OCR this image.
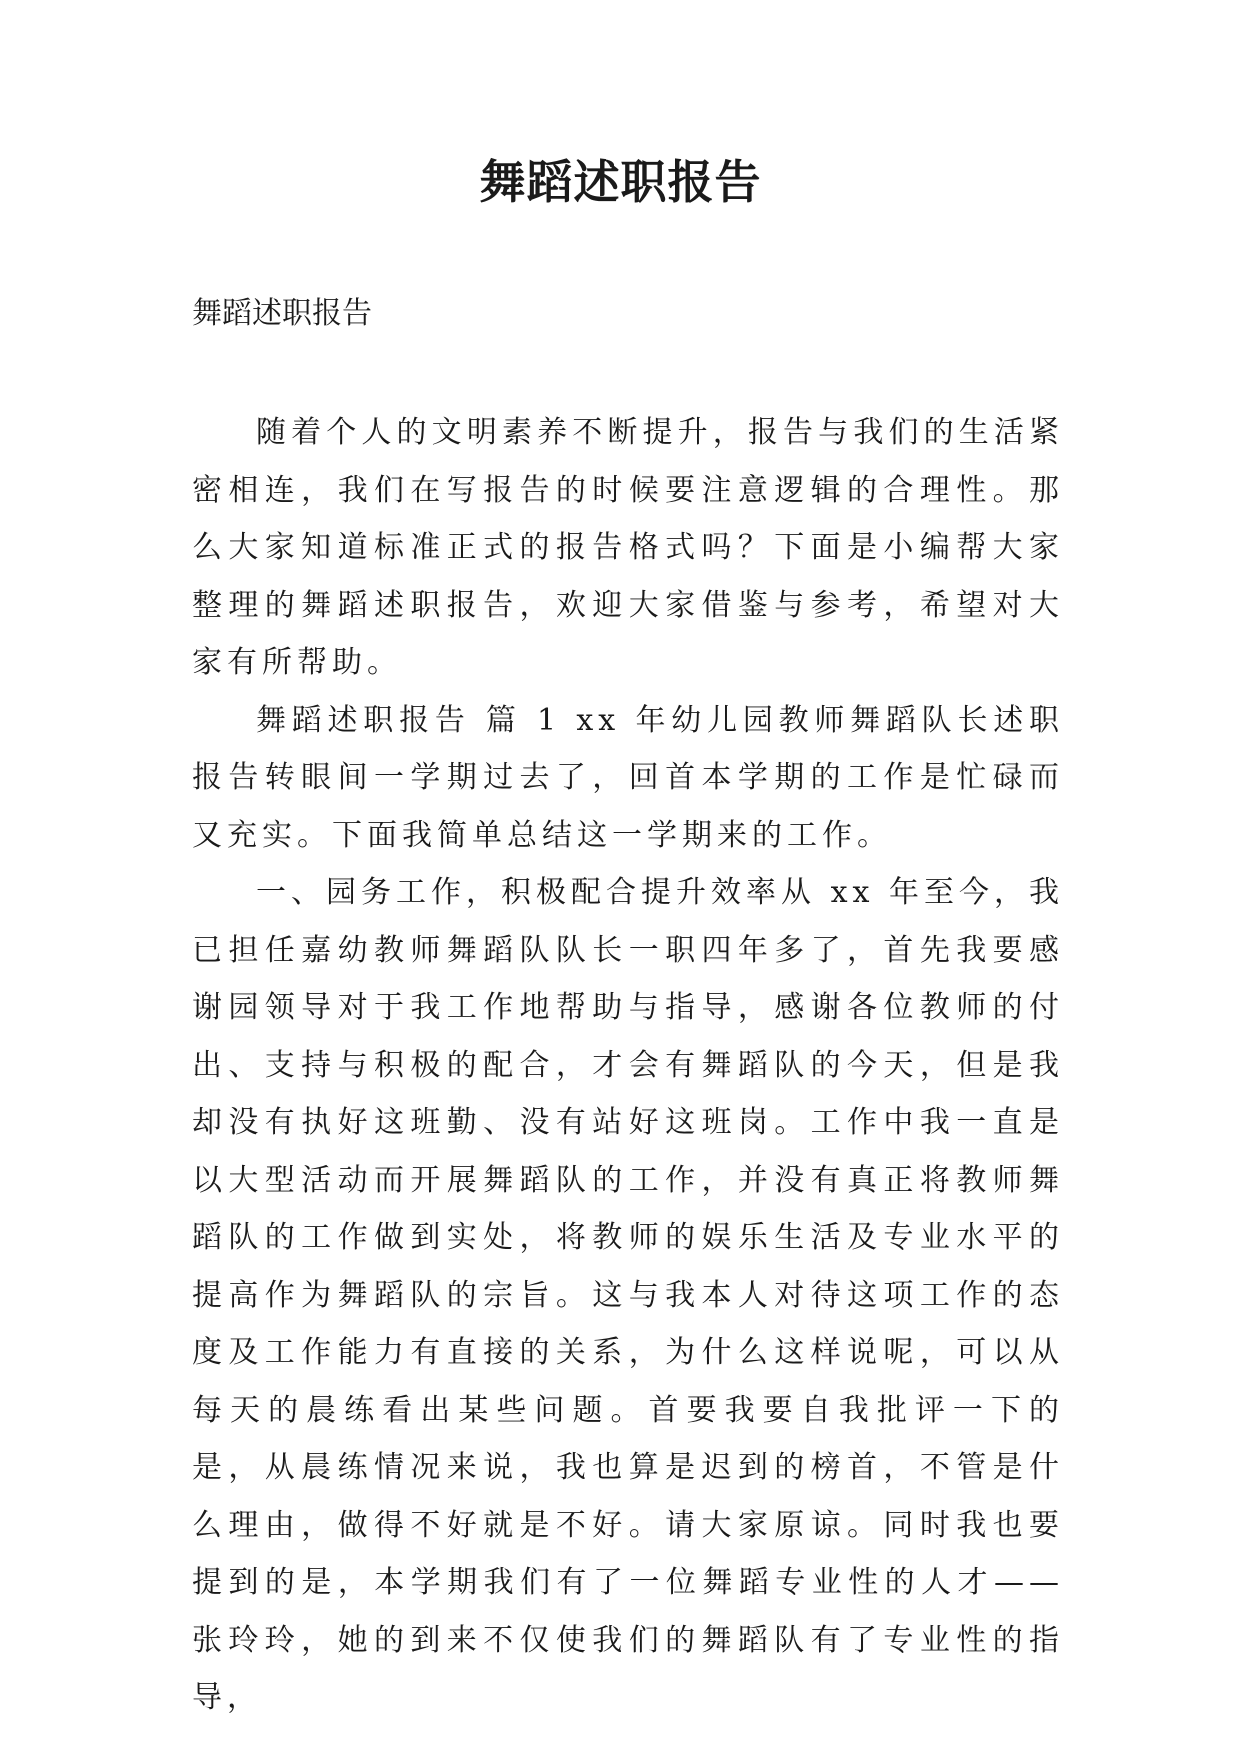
舞蹈述职报告
舞蹈述职报告

随着个人的文明素养不断提升，报告与我们的生活紧密相连，我们在写报告的时候要注意逻辑的合理性。那么大家知道标准正式的报告格式吗？下面是小编帮大家整理的舞蹈述职报告，欢迎大家借鉴与参考，希望对大家有所帮助。

舞蹈述职报告 篇 1 xx 年幼儿园教师舞蹈队长述职报告转眼间一学期过去了，回首本学期的工作是忙碌而又充实。下面我简单总结这一学期来的工作。

一、园务工作，积极配合提升效率从 xx 年至今，我已担任嘉幼教师舞蹈队队长一职四年多了，首先我要感谢园领导对于我工作地帮助与指导，感谢各位教师的付出、支持与积极的配合，才会有舞蹈队的今天，但是我却没有执好这班勤、没有站好这班岗。工作中我一直是以大型活动而开展舞蹈队的工作，并没有真正将教师舞蹈队的工作做到实处，将教师的娱乐生活及专业水平的提高作为舞蹈队的宗旨。这与我本人对待这项工作的态度及工作能力有直接的关系，为什么这样说呢，可以从每天的晨练看出某些问题。首要我要自我批评一下的是，从晨练情况来说，我也算是迟到的榜首，不管是什么理由，做得不好就是不好。请大家原谅。同时我也要提到的是，本学期我们有了一位舞蹈专业性的人才——张玲玲，她的到来不仅使我们的舞蹈队有了专业性的指导，
